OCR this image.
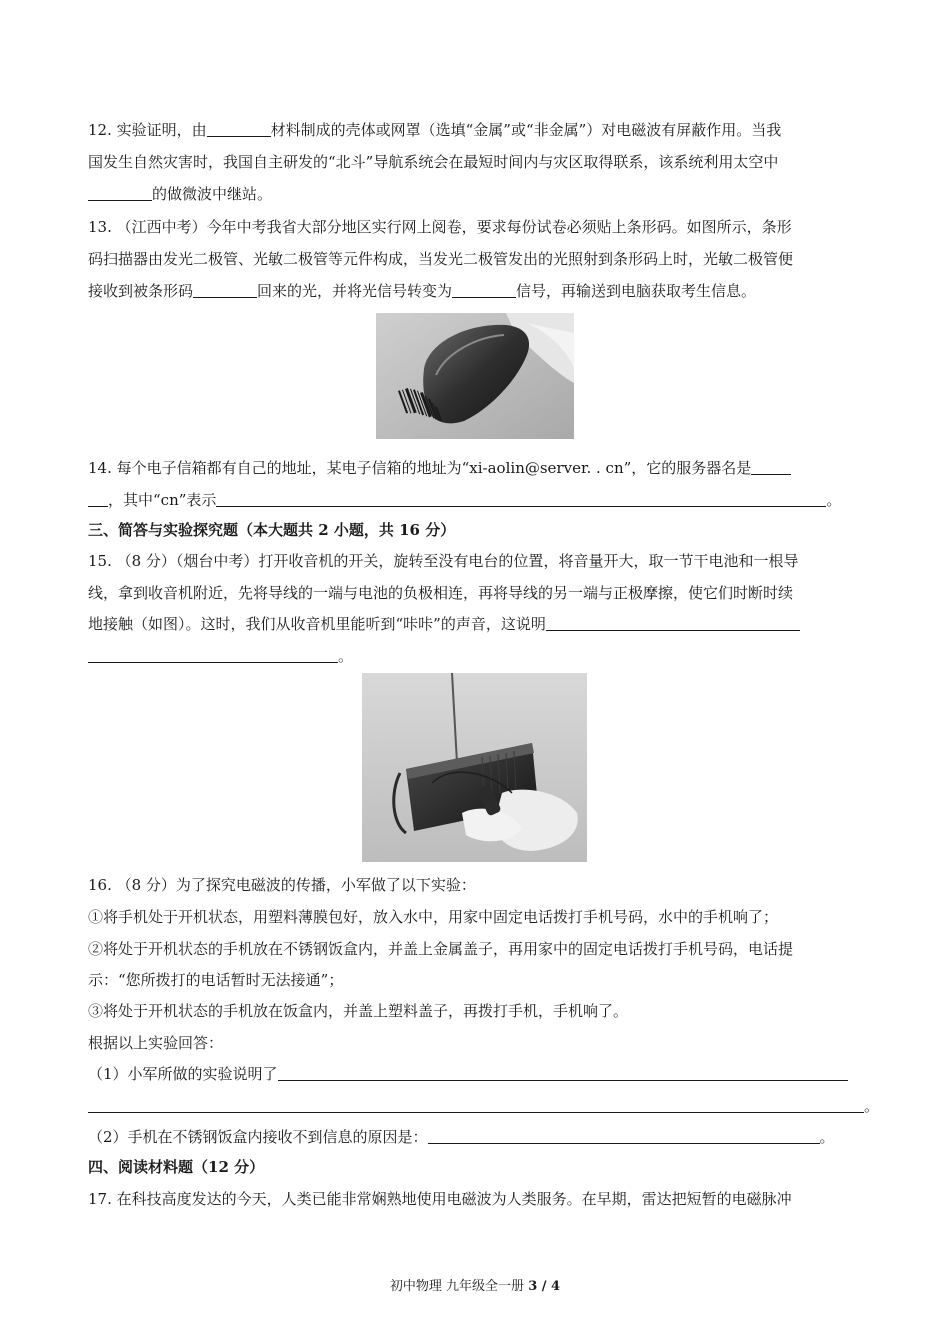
12. 实验证明，由	材料制成的壳体或网罩（选填“金属”或“非金属”）对电磁波有屏蔽作用。当我
国发生自然灾害时，我国自主研发的“北斗”导航系统会在最短时间内与灾区取得联系，该系统利用太空中
的做微波中继站。
13. （江西中考）今年中考我省大部分地区实行网上阅卷，要求每份试卷必须贴上条形码。如图所示，条形
码扫描器由发光二极管、光敏二极管等元件构成，当发光二极管发出的光照射到条形码上时，光敏二极管便
接收到被条形码	回来的光，并将光信号转变为	信号，再输送到电脑获取考生信息。
14. 每个电子信箱都有自己的地址，某电子信箱的地址为“xi-aolin@server. . cn”，它的服务器名是
，其中“cn”表示	。
三、简答与实验探究题（本大题共 2 小题，共 16 分）
15. （8 分）（烟台中考）打开收音机的开关，旋转至没有电台的位置，将音量开大，取一节干电池和一根导
线，拿到收音机附近，先将导线的一端与电池的负极相连，再将导线的另一端与正极摩擦，使它们时断时续
地接触（如图）。这时，我们从收音机里能听到“咔咔”的声音，这说明
。
16. （8 分）为了探究电磁波的传播，小军做了以下实验：
①将手机处于开机状态，用塑料薄膜包好，放入水中，用家中固定电话拨打手机号码，水中的手机响了；
②将处于开机状态的手机放在不锈钢饭盒内，并盖上金属盖子，再用家中的固定电话拨打手机号码，电话提
示：“您所拨打的电话暂时无法接通”；
③将处于开机状态的手机放在饭盒内，并盖上塑料盖子，再拨打手机，手机响了。
根据以上实验回答：
（1）小军所做的实验说明了
。
（2）手机在不锈钢饭盒内接收不到信息的原因是：	。
四、阅读材料题（12 分）
17. 在科技高度发达的今天，人类已能非常娴熟地使用电磁波为人类服务。在早期，雷达把短暂的电磁脉冲
初中物理 九年级全一册 3 / 4
